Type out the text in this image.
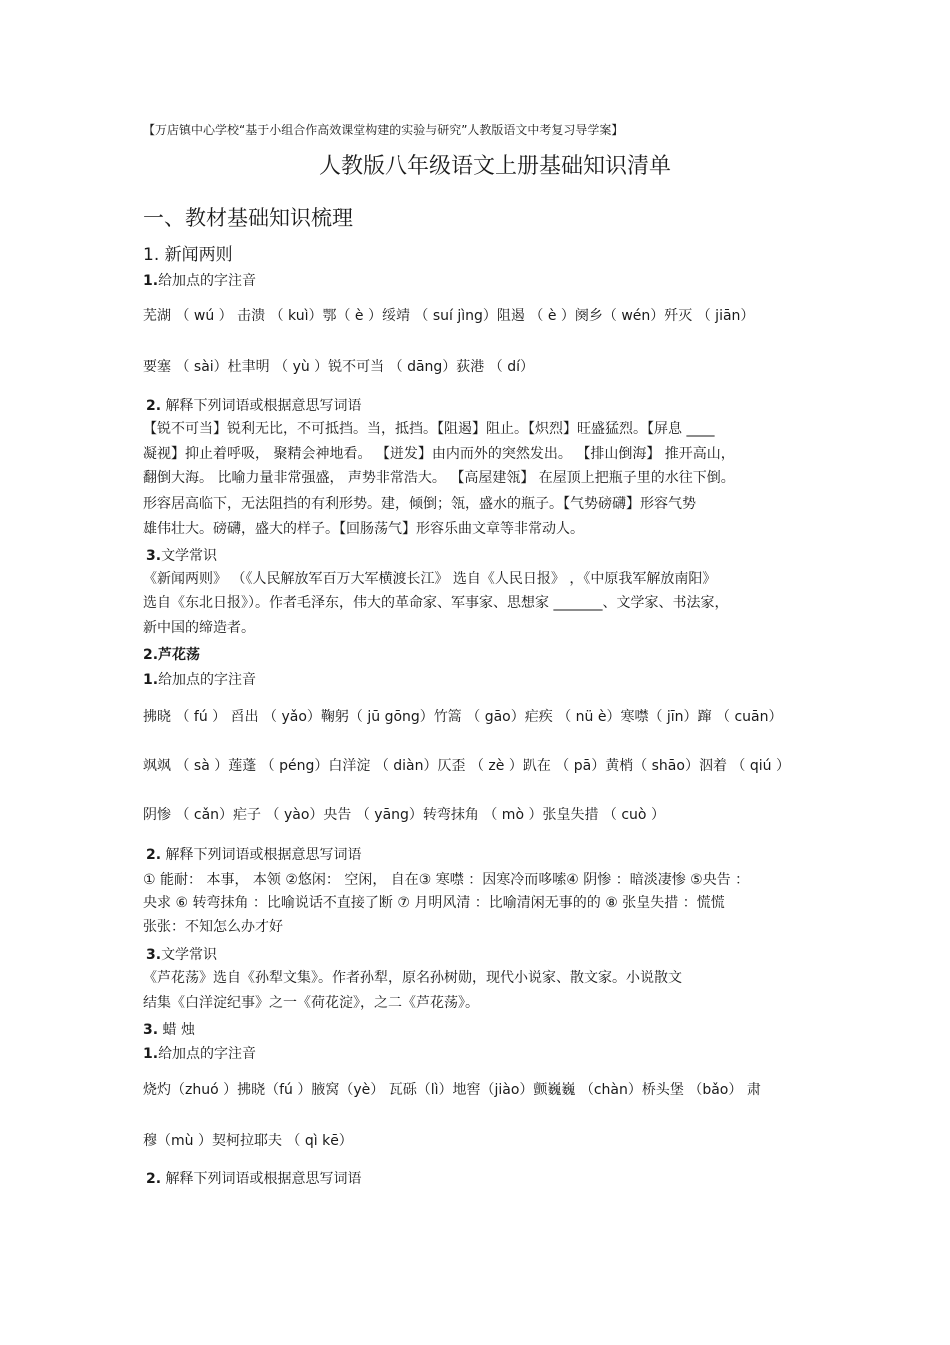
【万店镇中心学校“基于小组合作高效课堂构建的实验与研究”人教版语文中考复习导学案】
人教版八年级语文上册基础知识清单
一、教材基础知识梳理
1. 新闻两则
1.给加点的字注音
芜湖 （ wú ） 击溃 （ kuì）鄂（ è ）绥靖 （ suí jìng）阻遏 （ è ）阕乡（ wén）歼灭 （ jiān）
要塞 （ sài）杜聿明 （ yù ）锐不可当 （ dāng）荻港 （ dí）
2. 解释下列词语或根据意思写词语
【锐不可当】锐利无比，不可抵挡。当，抵挡。【阻遏】阻止。【炽烈】旺盛猛烈。【屏息 ____
凝视】抑止着呼吸， 聚精会神地看。 【迸发】由内而外的突然发出。 【排山倒海】 推开高山，
翻倒大海。 比喻力量非常强盛， 声势非常浩大。 【高屋建瓴】 在屋顶上把瓶子里的水往下倒。
形容居高临下，无法阻挡的有利形势。建，倾倒；瓴，盛水的瓶子。【气势磅礴】形容气势
雄伟壮大。磅礴，盛大的样子。【回肠荡气】形容乐曲文章等非常动人。
3.文学常识
《新闻两则》 （《人民解放军百万大军横渡长江》 选自《人民日报》 ，《中原我军解放南阳》
选自《东北日报》）。作者毛泽东，伟大的革命家、军事家、思想家 _______、文学家、书法家，
新中国的缔造者。
2.芦花荡
1.给加点的字注音
拂晓 （ fú ） 舀出 （ yǎo）鞠躬（ jū gōng）竹篙 （ gāo）疟疾 （ nü è）寒噤（ jīn）蹿 （ cuān）
飒飒 （ sà ）莲蓬 （ péng）白洋淀 （ diàn）仄歪 （ zè ）趴在 （ pā）黄梢（ shāo）泅着 （ qiú ）
阴惨 （ cǎn）疟子 （ yào）央告 （ yāng）转弯抹角 （ mò ）张皇失措 （ cuò ）
2. 解释下列词语或根据意思写词语
① 能耐： 本事， 本领 ②悠闲： 空闲， 自在③ 寒噤 ：因寒冷而哆嗦④ 阴惨 ：暗淡凄惨 ⑤央告 ：
央求 ⑥ 转弯抹角 ：比喻说话不直接了断 ⑦ 月明风清 ：比喻清闲无事的的 ⑧ 张皇失措 ：慌慌
张张：不知怎么办才好
3.文学常识
《芦花荡》选自《孙犁文集》。作者孙犁，原名孙树勋，现代小说家、散文家。小说散文
结集《白洋淀纪事》之一《荷花淀》，之二《芦花荡》。
3. 蜡 烛
1.给加点的字注音
烧灼（zhuó ）拂晓（fú ）腋窝（yè） 瓦砾（lì）地窖（jiào）颤巍巍 （chàn）桥头堡 （bǎo） 肃
穆（mù ）契柯拉耶夫 （ qì kē）
2. 解释下列词语或根据意思写词语
